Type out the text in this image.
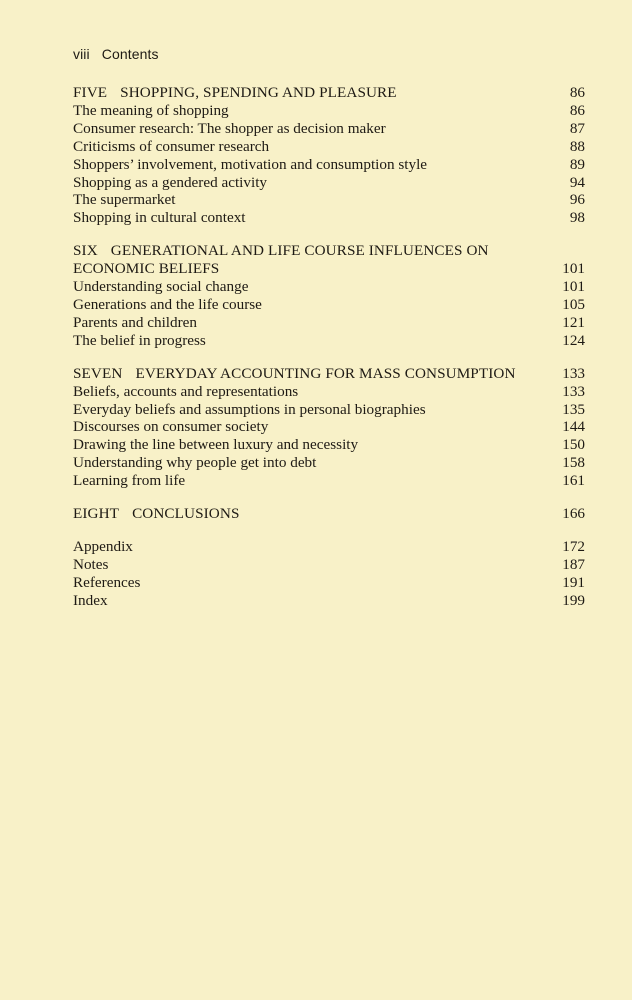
viii Contents
FIVE SHOPPING, SPENDING AND PLEASURE	86
The meaning of shopping	86
Consumer research: The shopper as decision maker	87
Criticisms of consumer research	88
Shoppers’ involvement, motivation and consumption style	89
Shopping as a gendered activity	94
The supermarket	96
Shopping in cultural context	98
SIX GENERATIONAL AND LIFE COURSE INFLUENCES ON
ECONOMIC BELIEFS	101
Understanding social change	101
Generations and the life course	105
Parents and children	121
The belief in progress	124
SEVEN EVERYDAY ACCOUNTING FOR MASS CONSUMPTION	133
Beliefs, accounts and representations	133
Everyday beliefs and assumptions in personal biographies	135
Discourses on consumer society	144
Drawing the line between luxury and necessity	150
Understanding why people get into debt	158
Learning from life	161
EIGHT CONCLUSIONS	166
Appendix	172
Notes	187
References	191
Index	199
